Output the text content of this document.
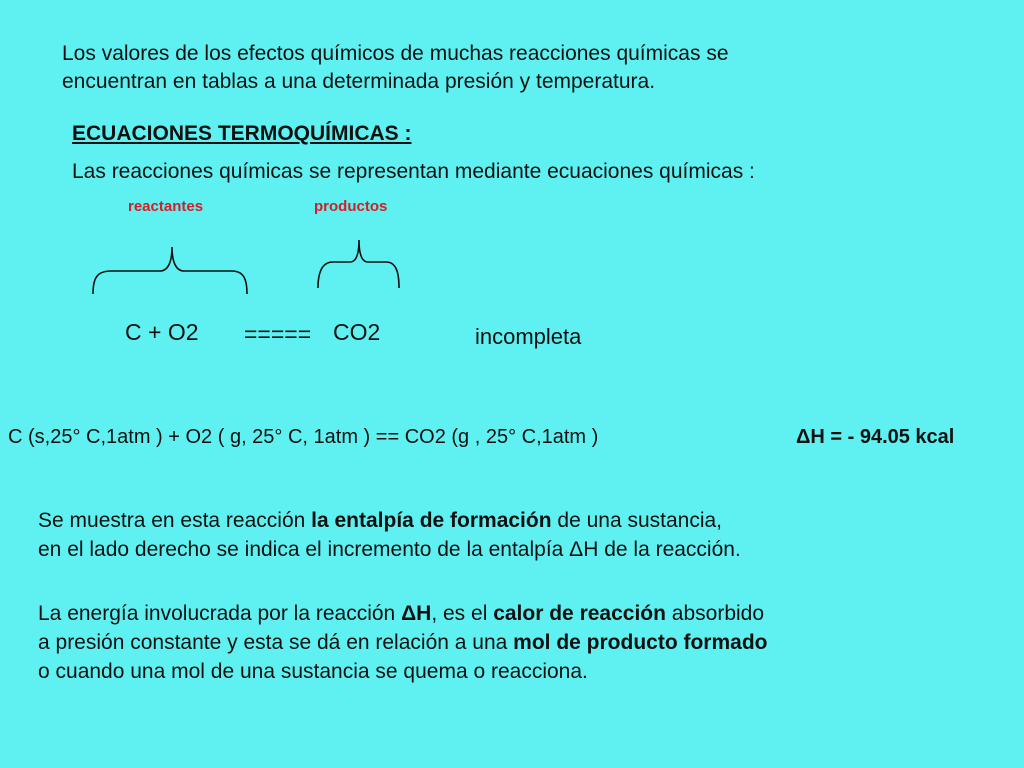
Los valores de los efectos químicos de muchas reacciones químicas se
encuentran en tablas a una determinada presión y temperatura.
ECUACIONES TERMOQUÍMICAS :
Las reacciones químicas se representan mediante ecuaciones químicas :
reactantes	productos
C + O2 ===== CO2	incompleta
C (s,25° C,1atm ) + O2 ( g, 25° C, 1atm ) == CO2 (g , 25° C,1atm )	ΔH = - 94.05 kcal
Se muestra en esta reacción la entalpía de formación de una sustancia,
en el lado derecho se indica el incremento de la entalpía ΔH de la reacción.
La energía involucrada por la reacción ΔH, es el calor de reacción absorbido
a presión constante y esta se dá en relación a una mol de producto formado
o cuando una mol de una sustancia se quema o reacciona.
